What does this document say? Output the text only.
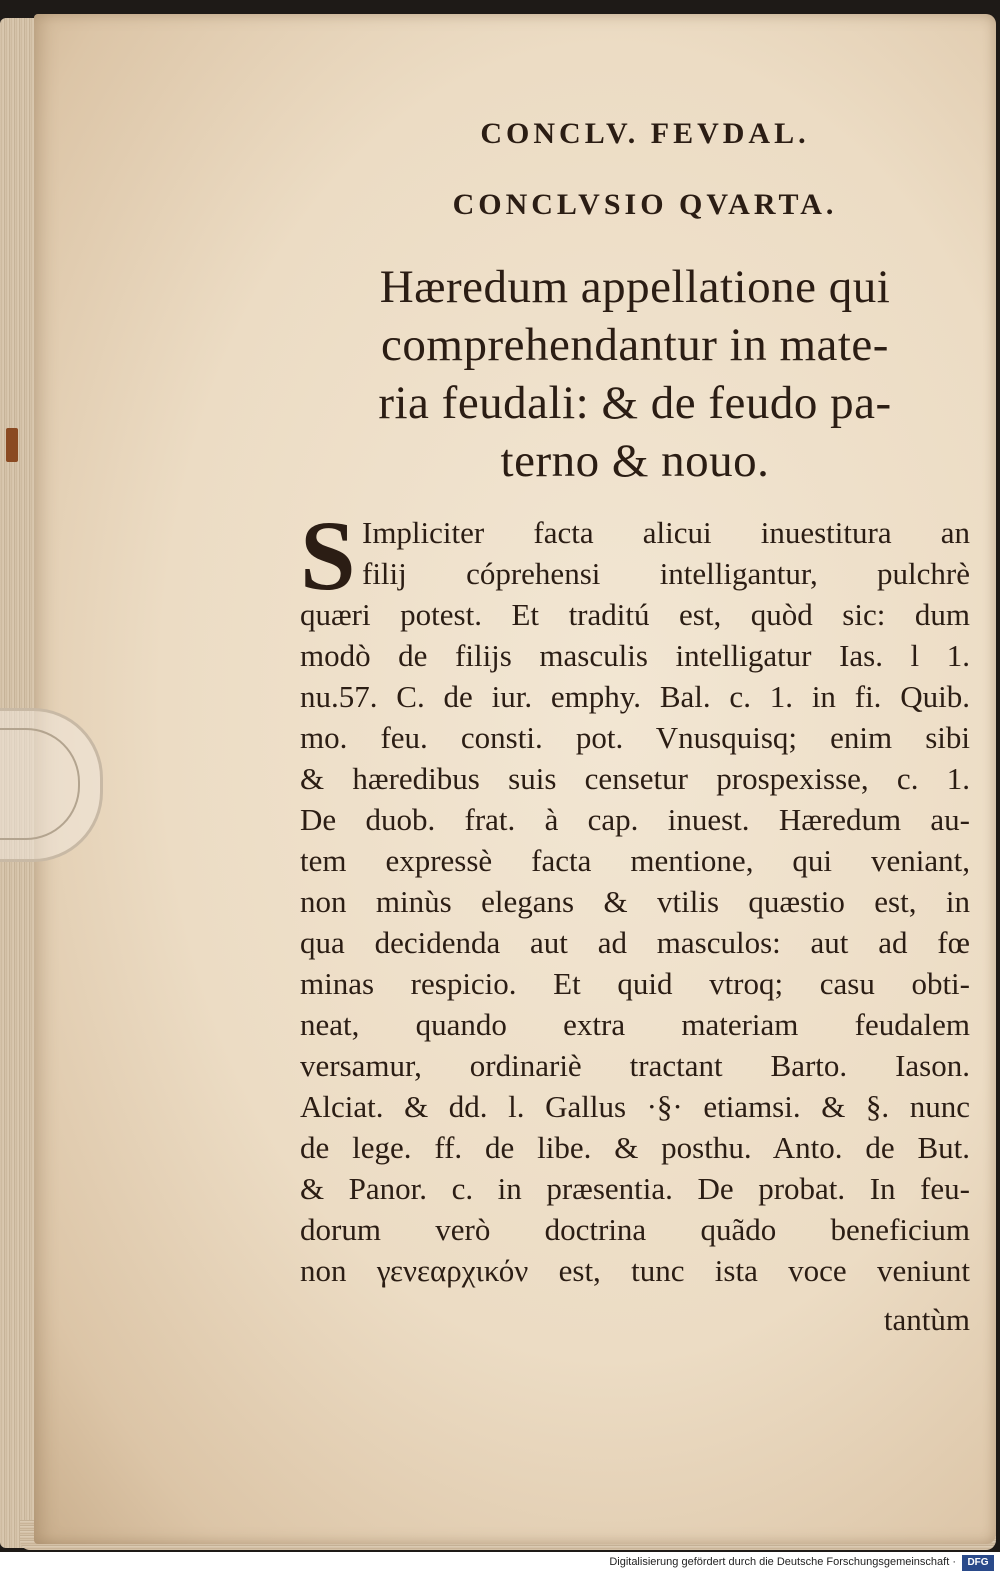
CONCLV. FEVDAL.
CONCLVSIO QVARTA.
Hæredum appellatione qui
comprehendantur in mate-
ria feudali: & de feudo pa-
terno & nouo.
S Impliciter facta alicui inuestitura an
filij cóprehensi intelligantur, pulchrè
quæri potest. Et traditú est, quòd sic: dum
modò de filijs masculis intelligatur Ias. l 1.
nu.57. C. de iur. emphy. Bal. c. 1. in fi. Quib.
mo. feu. consti. pot. Vnusquisq; enim sibi
& hæredibus suis censetur prospexisse, c. 1.
De duob. frat. à cap. inuest. Hæredum au-
tem expressè facta mentione, qui veniant,
non minùs elegans & vtilis quæstio est, in
qua decidenda aut ad masculos: aut ad fœ
minas respicio. Et quid vtroq; casu obti-
neat, quando extra materiam feudalem
versamur, ordinariè tractant Barto. Iason.
Alciat. & dd. l. Gallus ·§· etiamsi. & §. nunc
de lege. ff. de libe. & posthu. Anto. de But.
& Panor. c. in præsentia. De probat. In feu-
dorum verò doctrina quãdo beneficium
non γενεαρχικόν est, tunc ista voce veniunt
tantùm
Digitalisierung gefördert durch die Deutsche Forschungsgemeinschaft ·	DFG
